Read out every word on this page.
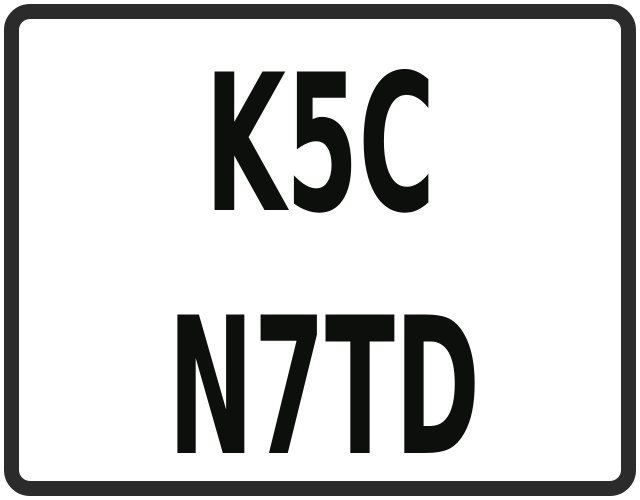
K5C
N7TD
